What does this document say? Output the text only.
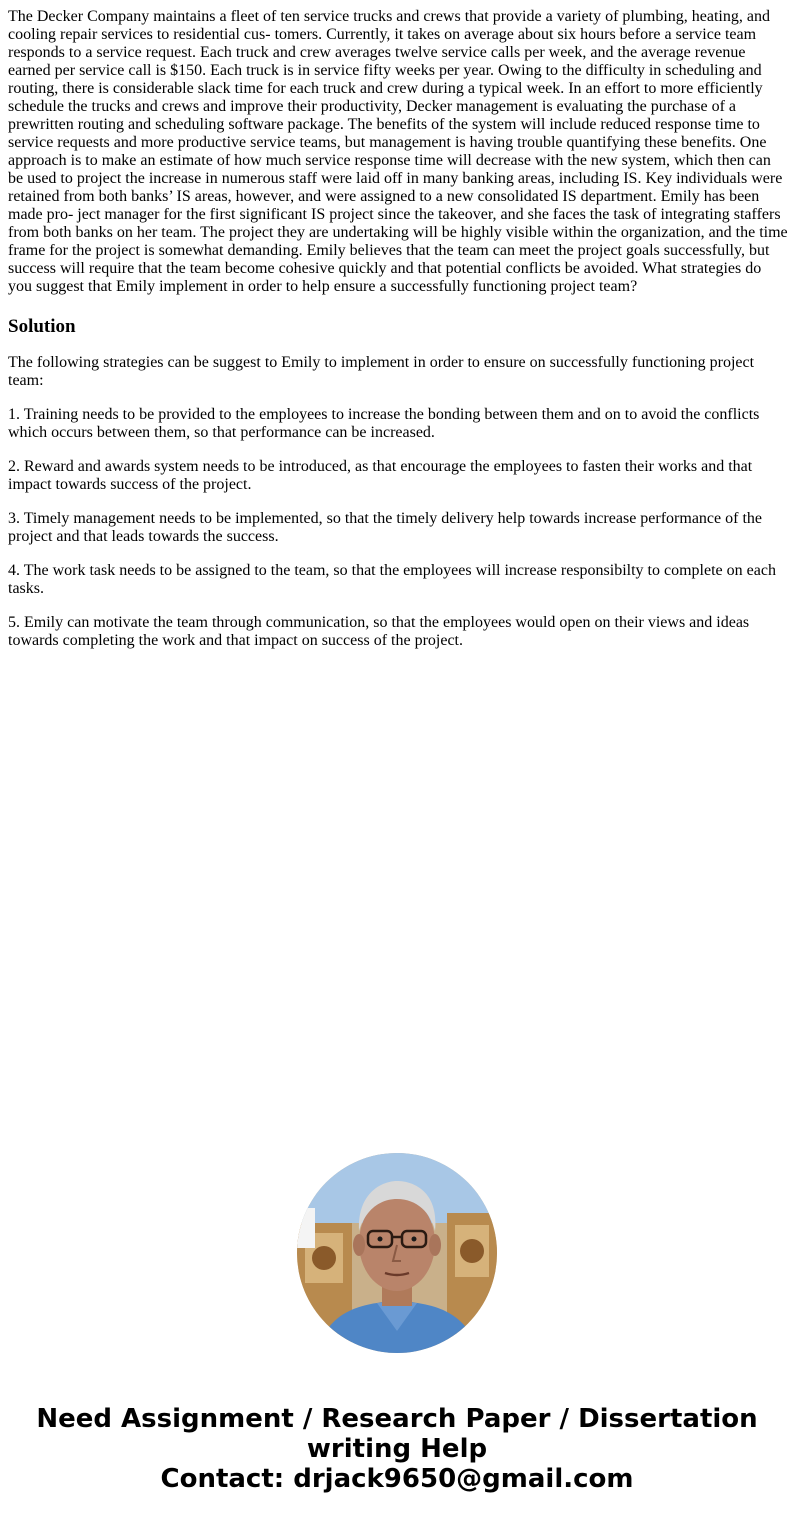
The Decker Company maintains a fleet of ten service trucks and crews that provide a variety of plumbing, heating, and cooling repair services to residential cus- tomers. Currently, it takes on average about six hours before a service team responds to a service request. Each truck and crew averages twelve service calls per week, and the average revenue earned per service call is $150. Each truck is in service fifty weeks per year. Owing to the difficulty in scheduling and routing, there is considerable slack time for each truck and crew during a typical week. In an effort to more efficiently schedule the trucks and crews and improve their productivity, Decker management is evaluating the purchase of a prewritten routing and scheduling software package. The benefits of the system will include reduced response time to service requests and more productive service teams, but management is having trouble quantifying these benefits. One approach is to make an estimate of how much service response time will decrease with the new system, which then can be used to project the increase in numerous staff were laid off in many banking areas, including IS. Key individuals were retained from both banks’ IS areas, however, and were assigned to a new consolidated IS department. Emily has been made pro- ject manager for the first significant IS project since the takeover, and she faces the task of integrating staffers from both banks on her team. The project they are undertaking will be highly visible within the organization, and the time frame for the project is somewhat demanding. Emily believes that the team can meet the project goals successfully, but success will require that the team become cohesive quickly and that potential conflicts be avoided. What strategies do you suggest that Emily implement in order to help ensure a successfully functioning project team?

Solution

The following strategies can be suggest to Emily to implement in order to ensure on successfully functioning project team:

1. Training needs to be provided to the employees to increase the bonding between them and on to avoid the conflicts which occurs between them, so that performance can be increased.

2. Reward and awards system needs to be introduced, as that encourage the employees to fasten their works and that impact towards success of the project.

3. Timely management needs to be implemented, so that the timely delivery help towards increase performance of the project and that leads towards the success.

4. The work task needs to be assigned to the team, so that the employees will increase responsibilty to complete on each tasks.

5. Emily can motivate the team through communication, so that the employees would open on their views and ideas towards completing the work and that impact on success of the project.

Need Assignment / Research Paper / Dissertation
writing Help
Contact: drjack9650@gmail.com
